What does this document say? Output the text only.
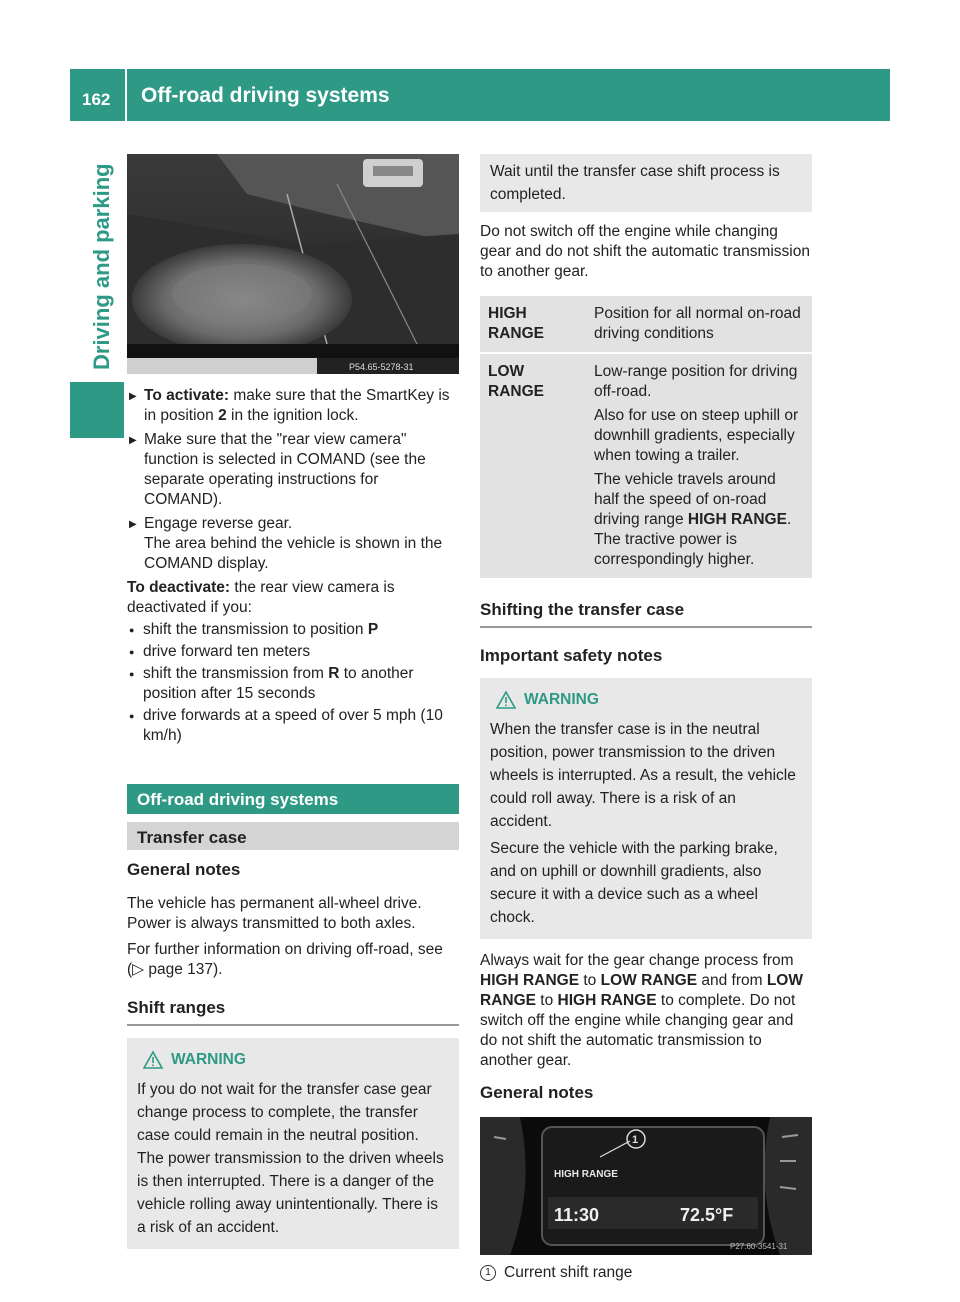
162 Off-road driving systems
Driving and parking	P54.65-5278-31
▶ To activate: make sure that the SmartKey is in position 2 in the ignition lock.
▶ Make sure that the "rear view camera" function is selected in COMAND (see the separate operating instructions for COMAND).
▶ Engage reverse gear.
The area behind the vehicle is shown in the COMAND display.
To deactivate: the rear view camera is deactivated if you:
● shift the transmission to position P
● drive forward ten meters
● shift the transmission from R to another position after 15 seconds
● drive forwards at a speed of over 5 mph (10 km/h)
Off-road driving systems
Transfer case
General notes
The vehicle has permanent all-wheel drive. Power is always transmitted to both axles.
For further information on driving off-road, see (▷ page 137).
Shift ranges
WARNING
If you do not wait for the transfer case gear change process to complete, the transfer case could remain in the neutral position. The power transmission to the driven wheels is then interrupted. There is a danger of the vehicle rolling away unintentionally. There is a risk of an accident.
Wait until the transfer case shift process is completed.
Do not switch off the engine while changing gear and do not shift the automatic transmission to another gear.
HIGH RANGE
Position for all normal on-road driving conditions
LOW RANGE
Low-range position for driving off-road.
Also for use on steep uphill or downhill gradients, especially when towing a trailer.
The vehicle travels around half the speed of on-road driving range HIGH RANGE. The tractive power is correspondingly higher.
Shifting the transfer case
Important safety notes
WARNING
When the transfer case is in the neutral position, power transmission to the driven wheels is interrupted. As a result, the vehicle could roll away. There is a risk of an accident.
Secure the vehicle with the parking brake, and on uphill or downhill gradients, also secure it with a device such as a wheel chock.
Always wait for the gear change process from HIGH RANGE to LOW RANGE and from LOW RANGE to HIGH RANGE to complete. Do not switch off the engine while changing gear and do not shift the automatic transmission to another gear.
General notes
1
HIGH RANGE
11:30	72.5°F
P27.60-3541-31
1 Current shift range
